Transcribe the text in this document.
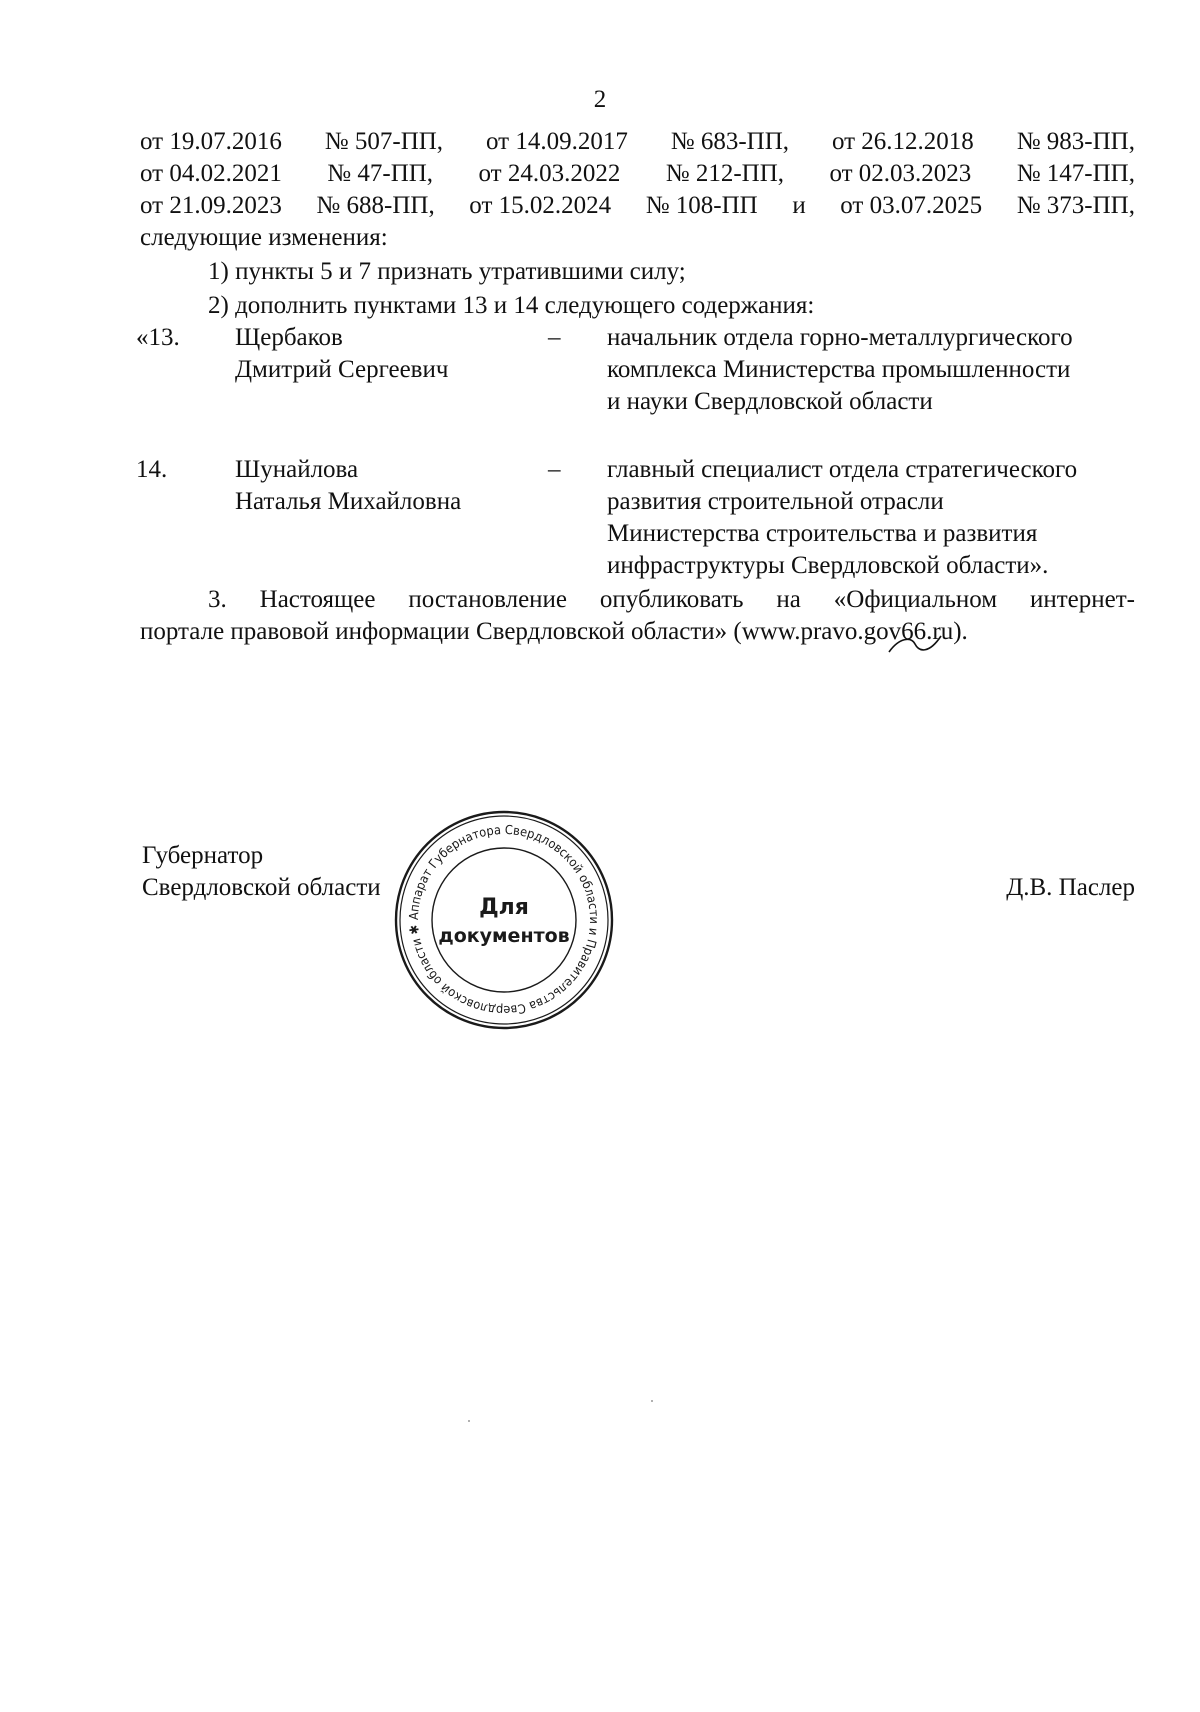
2
от 19.07.2016 № 507-ПП, от 14.09.2017 № 683-ПП, от 26.12.2018 № 983-ПП,
от 04.02.2021 № 47-ПП, от 24.03.2022 № 212-ПП, от 02.03.2023 № 147-ПП,
от 21.09.2023 № 688-ПП, от 15.02.2024 № 108-ПП и от 03.07.2025 № 373-ПП,
следующие изменения:
1) пункты 5 и 7 признать утратившими силу;
2) дополнить пунктами 13 и 14 следующего содержания:
«13. Щербаков
Дмитрий Сергеевич
– начальник отдела горно-металлургического
комплекса Министерства промышленности
и науки Свердловской области
14.	Шунайлова
Наталья Михайловна
– главный специалист отдела стратегического
развития строительной отрасли
Министерства строительства и развития
инфраструктуры Свердловской области».
3. Настоящее постановление опубликовать на «Официальном интернет-
портале правовой информации Свердловской области» (www.pravo.gov66.ru).
Губернатор
Свердловской области	Д.В. Паслер
Аппарат Губернатора Свердловской области и Правительства Свердловской области ✱
Для
документов
